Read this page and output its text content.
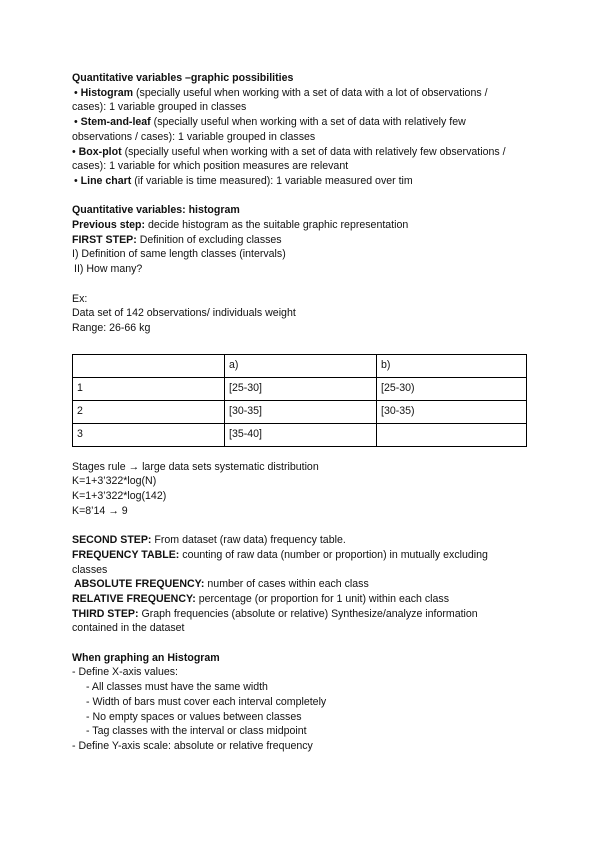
Quantitative variables –graphic possibilities
• Histogram (specially useful when working with a set of data with a lot of observations /
cases): 1 variable grouped in classes
• Stem-and-leaf (specially useful when working with a set of data with relatively few
observations / cases): 1 variable grouped in classes
• Box-plot (specially useful when working with a set of data with relatively few observations /
cases): 1 variable for which position measures are relevant
• Line chart (if variable is time measured): 1 variable measured over tim
Quantitative variables: histogram
Previous step: decide histogram as the suitable graphic representation
FIRST STEP: Definition of excluding classes
I) Definition of same length classes (intervals)
II) How many?
Ex:
Data set of 142 observations/ individuals weight
Range: 26-66 kg
	a)	b)
1	[25-30]	[25-30)
2	[30-35]	[30-35)
3	[35-40]	
Stages rule → large data sets systematic distribution
K=1+3’322*log(N)
K=1+3’322*log(142)
K=8’14 → 9
SECOND STEP: From dataset (raw data) frequency table.
FREQUENCY TABLE: counting of raw data (number or proportion) in mutually excluding
classes
ABSOLUTE FREQUENCY: number of cases within each class
RELATIVE FREQUENCY: percentage (or proportion for 1 unit) within each class
THIRD STEP: Graph frequencies (absolute or relative) Synthesize/analyze information
contained in the dataset
When graphing an Histogram
- Define X-axis values:
- All classes must have the same width
- Width of bars must cover each interval completely
- No empty spaces or values between classes
- Tag classes with the interval or class midpoint
- Define Y-axis scale: absolute or relative frequency
